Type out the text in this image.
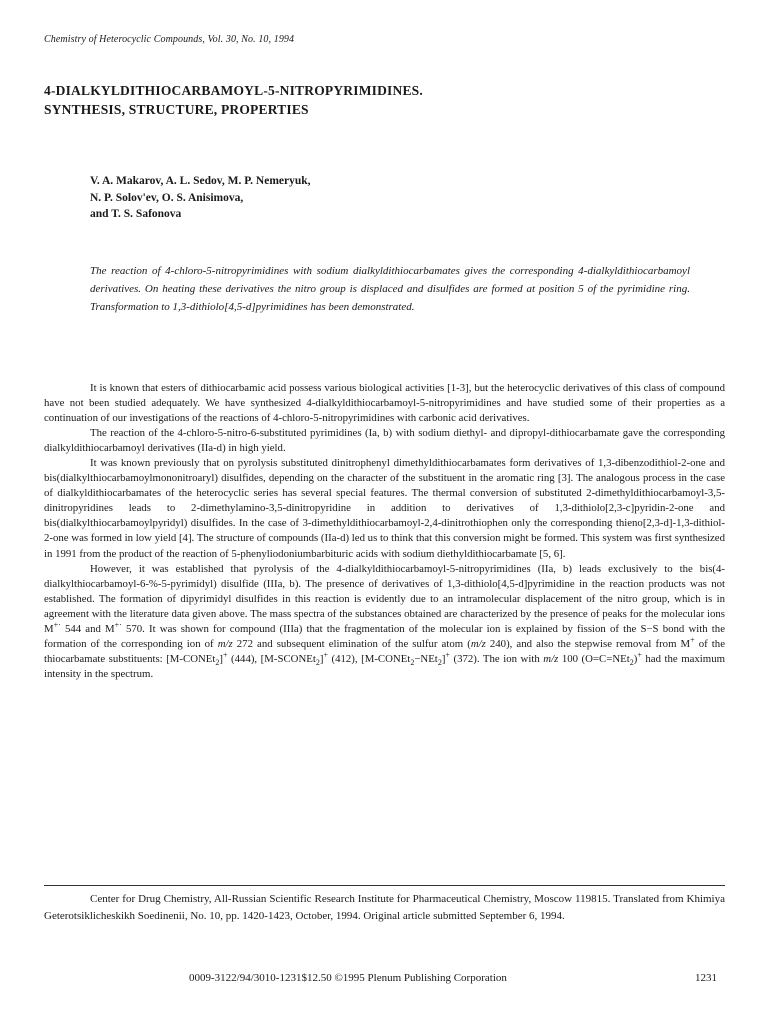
Chemistry of Heterocyclic Compounds, Vol. 30, No. 10, 1994
4-DIALKYLDITHIOCARBAMOYL-5-NITROPYRIMIDINES.
SYNTHESIS, STRUCTURE, PROPERTIES
V. A. Makarov, A. L. Sedov, M. P. Nemeryuk,
N. P. Solov'ev, O. S. Anisimova,
and T. S. Safonova
The reaction of 4-chloro-5-nitropyrimidines with sodium dialkyldithiocarbamates gives the corresponding 4-dialkyldithiocarbamoyl derivatives. On heating these derivatives the nitro group is displaced and disulfides are formed at position 5 of the pyrimidine ring. Transformation to 1,3-dithiolo[4,5-d]pyrimidines has been demonstrated.

It is known that esters of dithiocarbamic acid possess various biological activities [1-3], but the heterocyclic derivatives of this class of compound have not been studied adequately. We have synthesized 4-dialkyldithiocarbamoyl-5-nitropyrimidines and have studied some of their properties as a continuation of our investigations of the reactions of 4-chloro-5-nitropyrimidines with carbonic acid derivatives.

The reaction of the 4-chloro-5-nitro-6-substituted pyrimidines (Ia, b) with sodium diethyl- and dipropyl-dithiocarbamate gave the corresponding dialkyldithiocarbamoyl derivatives (IIa-d) in high yield.

It was known previously that on pyrolysis substituted dinitrophenyl dimethyldithiocarbamates form derivatives of 1,3-dibenzodithiol-2-one and bis(dialkylthiocarbamoylmononitroaryl) disulfides, depending on the character of the substituent in the aromatic ring [3]. The analogous process in the case of dialkyldithiocarbamates of the heterocyclic series has several special features. The thermal conversion of substituted 2-dimethyldithiocarbamoyl-3,5-dinitropyridines leads to 2-dimethylamino-3,5-dinitropyridine in addition to derivatives of 1,3-dithiolo[2,3-c]pyridin-2-one and bis(dialkylthiocarbamoylpyridyl) disulfides. In the case of 3-dimethyldithiocarbamoyl-2,4-dinitrothiophen only the corresponding thieno[2,3-d]-1,3-dithiol-2-one was formed in low yield [4]. The structure of compounds (IIa-d) led us to think that this conversion might be formed. This system was first synthesized in 1991 from the product of the reaction of 5-phenyliodoniumbarbituric acids with sodium diethyldithiocarbamate [5, 6].

However, it was established that pyrolysis of the 4-dialkyldithiocarbamoyl-5-nitropyrimidines (IIa, b) leads exclusively to the bis(4-dialkylthiocarbamoyl-6-%-5-pyrimidyl) disulfide (IIIa, b). The presence of derivatives of 1,3-dithiolo[4,5-d]pyrimidine in the reaction products was not established. The formation of dipyrimidyl disulfides in this reaction is evidently due to an intramolecular displacement of the nitro group, which is in agreement with the literature data given above. The mass spectra of the substances obtained are characterized by the presence of peaks for the molecular ions M+· 544 and M+· 570. It was shown for compound (IIIa) that the fragmentation of the molecular ion is explained by fission of the S−S bond with the formation of the corresponding ion of m/z 272 and subsequent elimination of the sulfur atom (m/z 240), and also the stepwise removal from M+ of the thiocarbamate substituents: [M-CONEt$_2$]+ (444), [M-SCONEt$_2$]+ (412), [M-CONEt$_2$−NEt$_2$]+ (372). The ion with m/z 100 (O=C=NEt$_2$)+ had the maximum intensity in the spectrum.

Center for Drug Chemistry, All-Russian Scientific Research Institute for Pharmaceutical Chemistry, Moscow 119815. Translated from Khimiya Geterotsiklicheskikh Soedinenii, No. 10, pp. 1420-1423, October, 1994. Original article submitted September 6, 1994.

0009-3122/94/3010-1231$12.50 ©1995 Plenum Publishing Corporation	1231
